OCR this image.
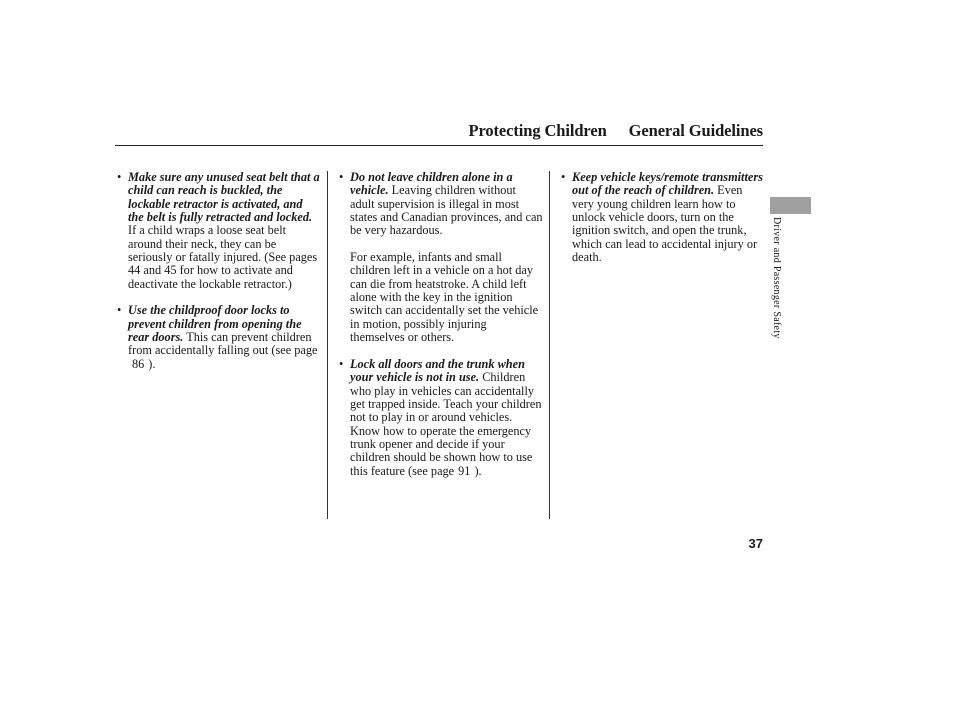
Protecting Children General Guidelines

• Make sure any unused seat belt that a child can reach is buckled, the lockable retractor is activated, and the belt is fully retracted and locked. If a child wraps a loose seat belt around their neck, they can be seriously or fatally injured. (See pages 44 and 45 for how to activate and deactivate the lockable retractor.)

• Use the childproof door locks to prevent children from opening the rear doors. This can prevent children from accidentally falling out (see page86 ).

• Do not leave children alone in a vehicle. Leaving children without adult supervision is illegal in most states and Canadian provinces, and can be very hazardous.

For example, infants and small children left in a vehicle on a hot day can die from heatstroke. A child left alone with the key in the ignition switch can accidentally set the vehicle in motion, possibly injuring themselves or others.

• Lock all doors and the trunk when your vehicle is not in use. Children who play in vehicles can accidentally get trapped inside. Teach your children not to play in or around vehicles. Know how to operate the emergency trunk opener and decide if your children should be shown how to use this feature (see page 91 ).

• Keep vehicle keys/remote transmitters out of the reach of children. Even very young children learn how to unlock vehicle doors, turn on the ignition switch, and open the trunk, which can lead to accidental injury or death.	Driver and Passenger Safety
37
